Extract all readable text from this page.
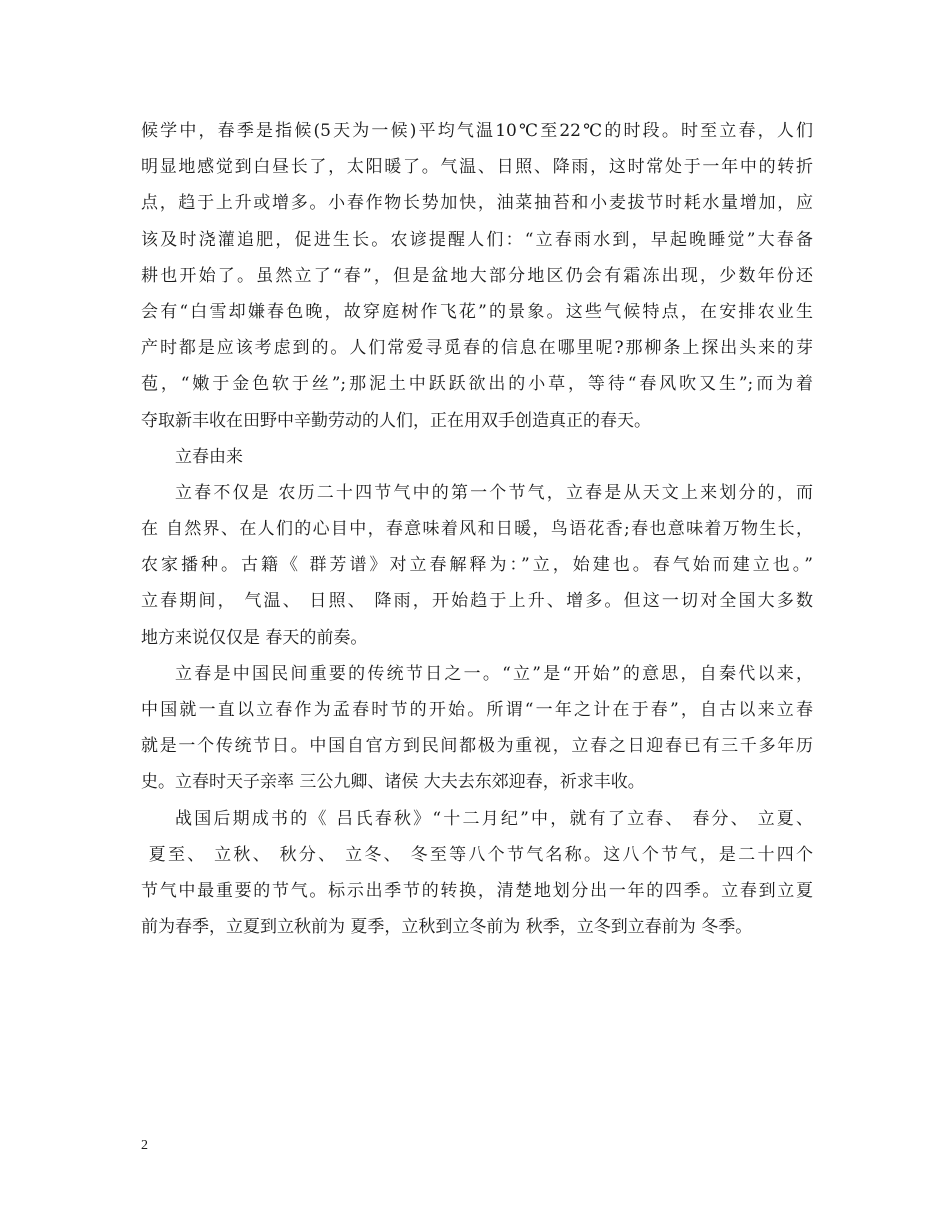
候学中，春季是指候(5天为一候)平均气温10℃至22℃的时段。时至立春，人们
明显地感觉到白昼长了，太阳暖了。气温、日照、降雨，这时常处于一年中的转折
点，趋于上升或增多。小春作物长势加快，油菜抽苔和小麦拔节时耗水量增加，应
该及时浇灌追肥，促进生长。农谚提醒人们：“立春雨水到，早起晚睡觉”大春备
耕也开始了。虽然立了“春”，但是盆地大部分地区仍会有霜冻出现，少数年份还
会有“白雪却嫌春色晚，故穿庭树作飞花”的景象。这些气候特点，在安排农业生
产时都是应该考虑到的。人们常爱寻觅春的信息在哪里呢?那柳条上探出头来的芽
苞，“嫩于金色软于丝”;那泥土中跃跃欲出的小草，等待“春风吹又生”;而为着
夺取新丰收在田野中辛勤劳动的人们，正在用双手创造真正的春天。
立春由来
立春不仅是 农历二十四节气中的第一个节气，立春是从天文上来划分的，而
在 自然界、在人们的心目中，春意味着风和日暖，鸟语花香;春也意味着万物生长，
农家播种。古籍《 群芳谱》对立春解释为：”立，始建也。春气始而建立也。”
立春期间， 气温、 日照、 降雨，开始趋于上升、增多。但这一切对全国大多数
地方来说仅仅是 春天的前奏。
立春是中国民间重要的传统节日之一。“立”是“开始”的意思，自秦代以来，
中国就一直以立春作为孟春时节的开始。所谓“一年之计在于春”，自古以来立春
就是一个传统节日。中国自官方到民间都极为重视，立春之日迎春已有三千多年历
史。立春时天子亲率 三公九卿、诸侯 大夫去东郊迎春，祈求丰收。
战国后期成书的《 吕氏春秋》“十二月纪”中，就有了立春、 春分、 立夏、
夏至、 立秋、 秋分、 立冬、 冬至等八个节气名称。这八个节气，是二十四个
节气中最重要的节气。标示出季节的转换，清楚地划分出一年的四季。立春到立夏
前为春季，立夏到立秋前为 夏季，立秋到立冬前为 秋季，立冬到立春前为 冬季。
2
